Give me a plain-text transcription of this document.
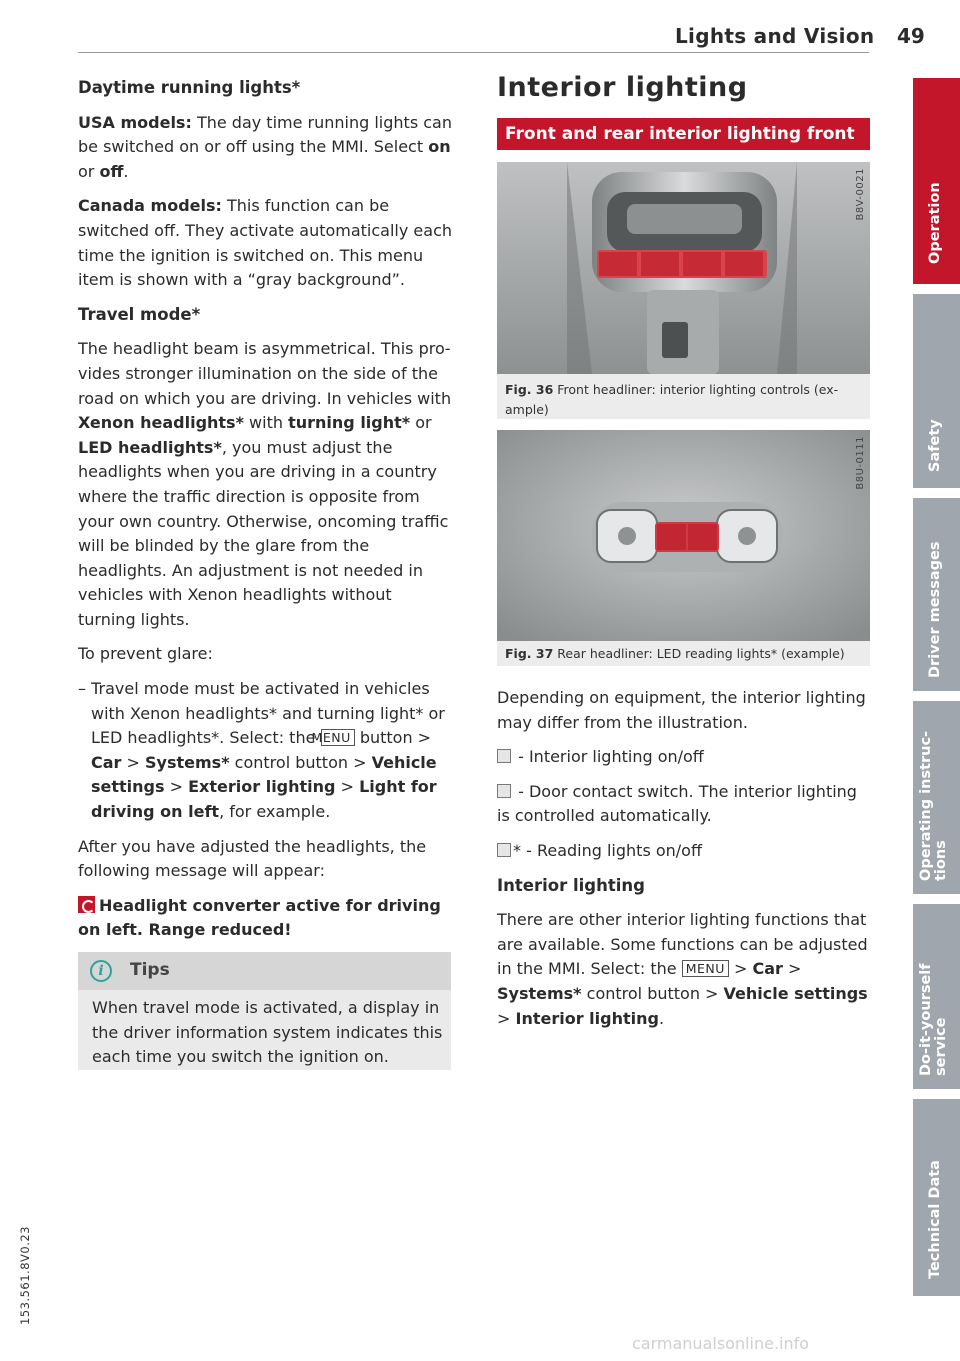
Lights and Vision 49
Daytime running lights*
USA models: The day time running lights can be switched on or off using the MMI. Select on or off.
Canada models: This function can be switched off. They activate automatically each time the ignition is switched on. This menu item is shown with a “gray background”.
Travel mode*
The headlight beam is asymmetrical. This provides stronger illumination on the side of the road on which you are driving. In vehicles with Xenon headlights* with turning light* or LED headlights*, you must adjust the headlights when you are driving in a country where the traffic direction is opposite from your own country. Otherwise, oncoming traffic will be blinded by the glare from the headlights. An adjustment is not needed in vehicles with Xenon headlights without turning lights.
To prevent glare:
– Travel mode must be activated in vehicles with Xenon headlights* and turning light* or LED headlights*. Select: the MENU button > Car > Systems* control button > Vehicle settings > Exterior lighting > Light for driving on left, for example.
After you have adjusted the headlights, the following message will appear:
Headlight converter active for driving on left. Range reduced!
i	Tips
When travel mode is activated, a display in the driver information system indicates this each time you switch the ignition on.
Interior lighting
Front and rear interior lighting front
B8V-0021
Fig. 36 Front headliner: interior lighting controls (example)
B8U-0111
Fig. 37 Rear headliner: LED reading lights* (example)
Depending on equipment, the interior lighting may differ from the illustration.
- Interior lighting on/off
- Door contact switch. The interior lighting is controlled automatically.
* - Reading lights on/off
Interior lighting
There are other interior lighting functions that are available. Some functions can be adjusted in the MMI. Select: the MENU > Car > Systems* control button > Vehicle settings > Interior lighting.
Operation
Safety
Driver messages
Operating instruc-
tions
Do-it-yourself
service
Technical Data
153.561.8V0.23
carmanualsonline.info
